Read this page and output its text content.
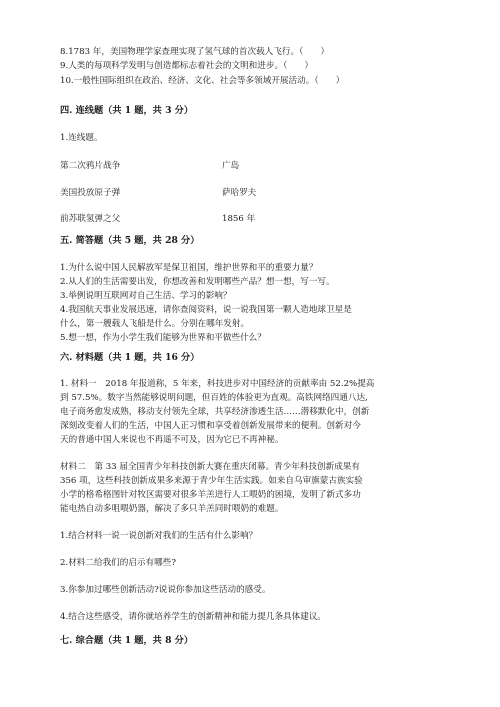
8.1783 年，美国物理学家查理实现了氢气球的首次载人飞行。（　　）
9.人类的每项科学发明与创造都标志着社会的文明和进步。（　　）
10.一般性国际组织在政治、经济、文化、社会等多领域开展活动。（　　）
四. 连线题（共 1 题，共 3 分）
1.连线题。
第二次鸦片战争	广岛
美国投放原子弹	萨哈罗夫
前苏联氢弹之父	1856 年
五. 简答题（共 5 题，共 28 分）
1.为什么说中国人民解放军是保卫祖国，维护世界和平的重要力量？
2.从人们的生活需要出发，你想改善和发明哪些产品？想一想，写一写。
3.举例说明互联网对自己生活、学习的影响？
4.我国航天事业发展迅速，请你查阅资料，说一说我国第一颗人造地球卫星是
什么，第一艘载人飞船是什么。分别在哪年发射。
5.想一想，作为小学生我们能够为世界和平做些什么？
六. 材料题（共 1 题，共 16 分）
1. 材料一　2018 年报道称，5 年来，科技进步对中国经济的贡献率由 52.2%提高
到 57.5%。数字当然能够说明问题，但百姓的体验更为直观。高铁网络四通八达,
电子商务愈发成熟，移动支付领先全球，共享经济渗透生活……潜移默化中，创新
深刻改变着人们的生活，中国人正习惯和享受着创新发展带来的便利。创新对今
天的普通中国人来说也不再遥不可及，因为它已不再神秘。
材料二　第 33 届全国青少年科技创新大赛在重庆闭幕。青少年科技创新成果有
356 项，这些科技创新成果多来源于青少年生活实践。如来自乌审旗蒙古族实验
小学的格希格图针对牧区需要对很多羊羔进行人工喂奶的困境，发明了新式多功
能电热自动多咀喂奶器，解决了多只羊羔同时喂奶的难题。
1.结合材料一说一说创新对我们的生活有什么影响？
2.材料二给我们的启示有哪些?
3.你参加过哪些创新活动?说说你参加这些活动的感受。
4.结合这些感受，请你就培养学生的创新精神和能力提几条具体建议。
七. 综合题（共 1 题，共 8 分）
